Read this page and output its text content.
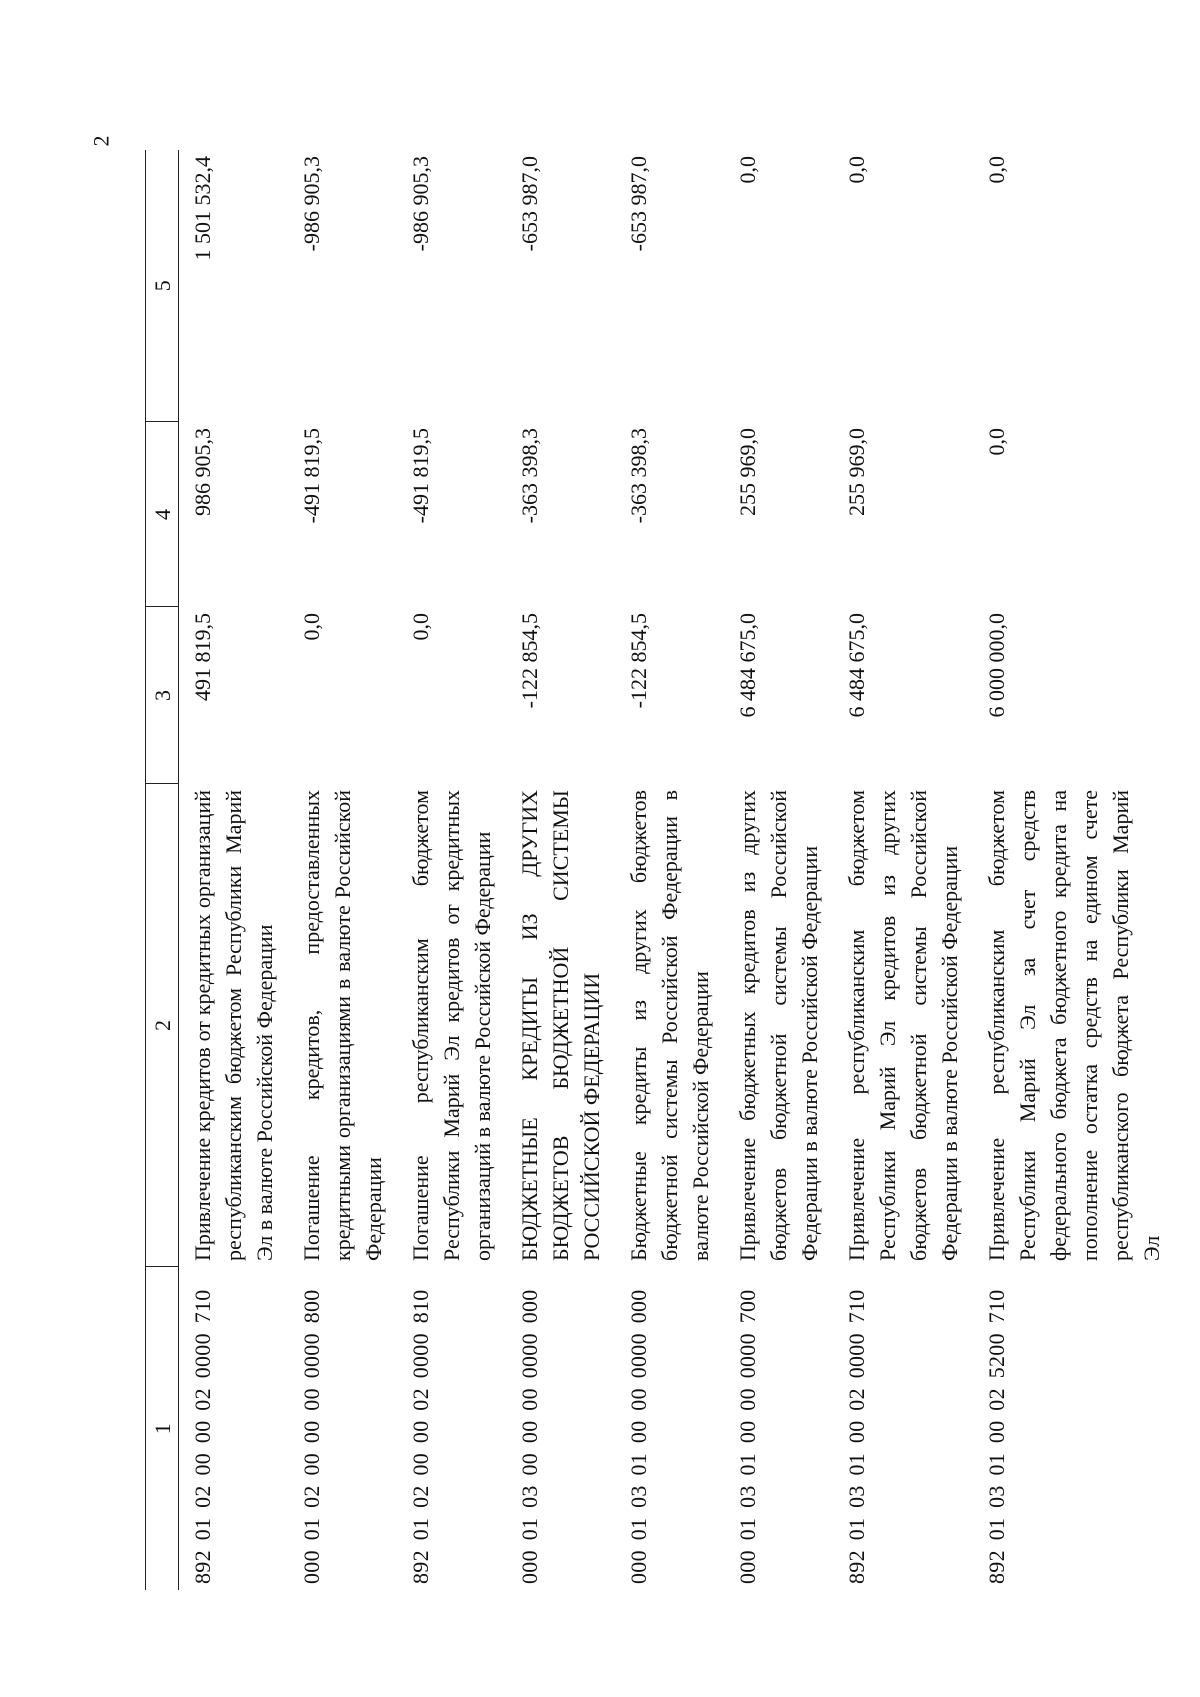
2
1	2	3	4	5
892 01 02 00 00 02 0000 710	Привлечение кредитов от кредитных организаций республиканским бюджетом Республики Марий Эл в валюте Российской Федерации	491 819,5	986 905,3	1 501 532,4
000 01 02 00 00 00 0000 800	Погашение кредитов, предоставленных кредитными организациями в валюте Российской Федерации	0,0	-491 819,5	-986 905,3
892 01 02 00 00 02 0000 810	Погашение республиканским бюджетом Республики Марий Эл кредитов от кредитных организаций в валюте Российской Федерации	0,0	-491 819,5	-986 905,3
000 01 03 00 00 00 0000 000	БЮДЖЕТНЫЕ КРЕДИТЫ ИЗ ДРУГИХ БЮДЖЕТОВ БЮДЖЕТНОЙ СИСТЕМЫ РОССИЙСКОЙ ФЕДЕРАЦИИ	-122 854,5	-363 398,3	-653 987,0
000 01 03 01 00 00 0000 000	Бюджетные кредиты из других бюджетов бюджетной системы Российской Федерации в валюте Российской Федерации	-122 854,5	-363 398,3	-653 987,0
000 01 03 01 00 00 0000 700	Привлечение бюджетных кредитов из других бюджетов бюджетной системы Российской Федерации в валюте Российской Федерации	6 484 675,0	255 969,0	0,0
892 01 03 01 00 02 0000 710	Привлечение республиканским бюджетом Республики Марий Эл кредитов из других бюджетов бюджетной системы Российской Федерации в валюте Российской Федерации	6 484 675,0	255 969,0	0,0
892 01 03 01 00 02 5200 710	Привлечение республиканским бюджетом Республики Марий Эл за счет средств федерального бюджета бюджетного кредита на пополнение остатка средств на едином счете республиканского бюджета Республики Марий Эл	6 000 000,0	0,0	0,0
